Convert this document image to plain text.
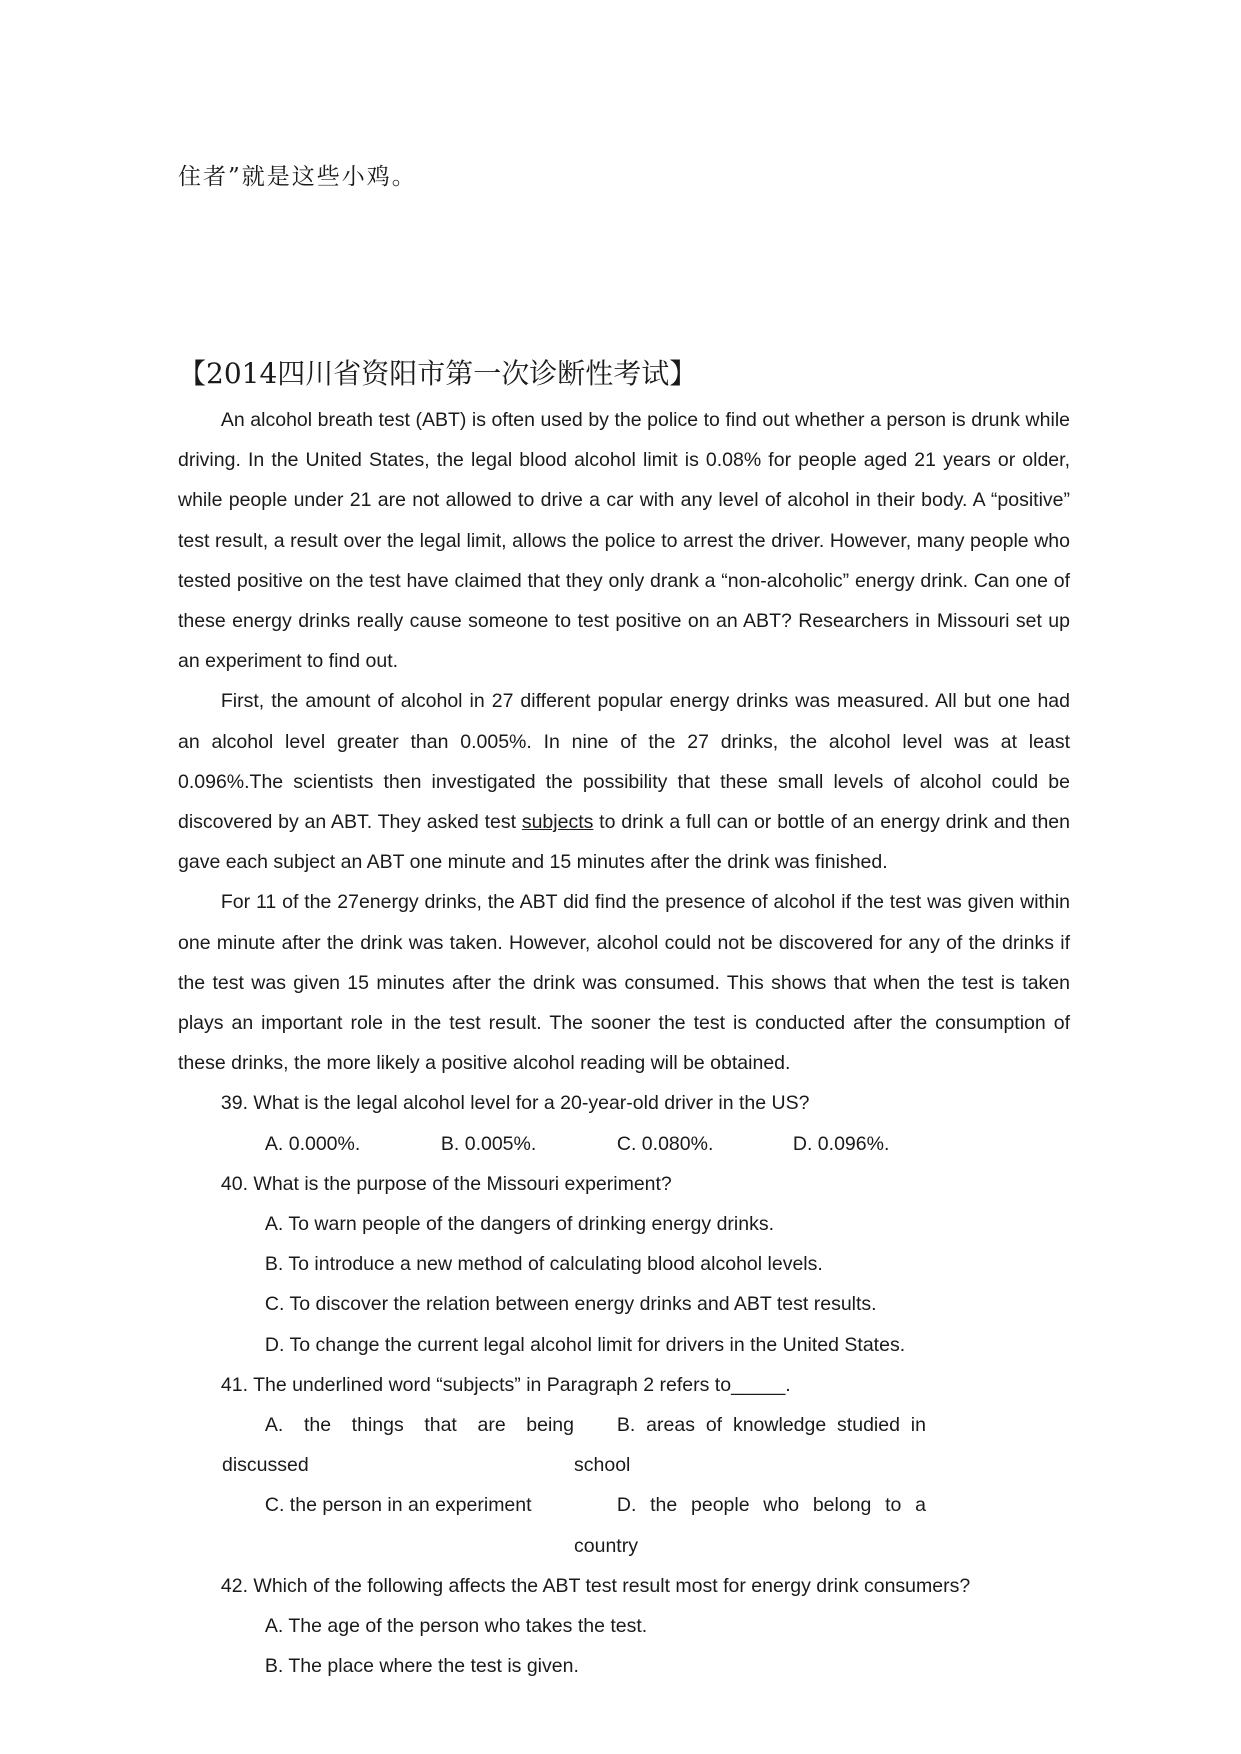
住者”就是这些小鸡。

【2014四川省资阳市第一次诊断性考试】

An alcohol breath test (ABT) is often used by the police to find out whether a person is drunk while driving. In the United States, the legal blood alcohol limit is 0.08% for people aged 21 years or older, while people under 21 are not allowed to drive a car with any level of alcohol in their body. A “positive” test result, a result over the legal limit, allows the police to arrest the driver. However, many people who tested positive on the test have claimed that they only drank a “non-alcoholic” energy drink. Can one of these energy drinks really cause someone to test positive on an ABT? Researchers in Missouri set up an experiment to find out.

First, the amount of alcohol in 27 different popular energy drinks was measured. All but one had an alcohol level greater than 0.005%. In nine of the 27 drinks, the alcohol level was at least 0.096%.The scientists then investigated the possibility that these small levels of alcohol could be discovered by an ABT. They asked test subjects to drink a full can or bottle of an energy drink and then gave each subject an ABT one minute and 15 minutes after the drink was finished.

For 11 of the 27energy drinks, the ABT did find the presence of alcohol if the test was given within one minute after the drink was taken. However, alcohol could not be discovered for any of the drinks if the test was given 15 minutes after the drink was consumed. This shows that when the test is taken plays an important role in the test result. The sooner the test is conducted after the consumption of these drinks, the more likely a positive alcohol reading will be obtained.

39. What is the legal alcohol level for a 20-year-old driver in the US?

A. 0.000%.	B. 0.005%.	C. 0.080%.	D. 0.096%.

40. What is the purpose of the Missouri experiment?

A. To warn people of the dangers of drinking energy drinks.

B. To introduce a new method of calculating blood alcohol levels.

C. To discover the relation between energy drinks and ABT test results.

D. To change the current legal alcohol limit for drivers in the United States.

41. The underlined word “subjects” in Paragraph 2 refers to_____.

A. the things that are being discussed

B. areas of knowledge studied in school

C. the person in an experiment	D. the people who belong to a country

42. Which of the following affects the ABT test result most for energy drink consumers?

A. The age of the person who takes the test.

B. The place where the test is given.
